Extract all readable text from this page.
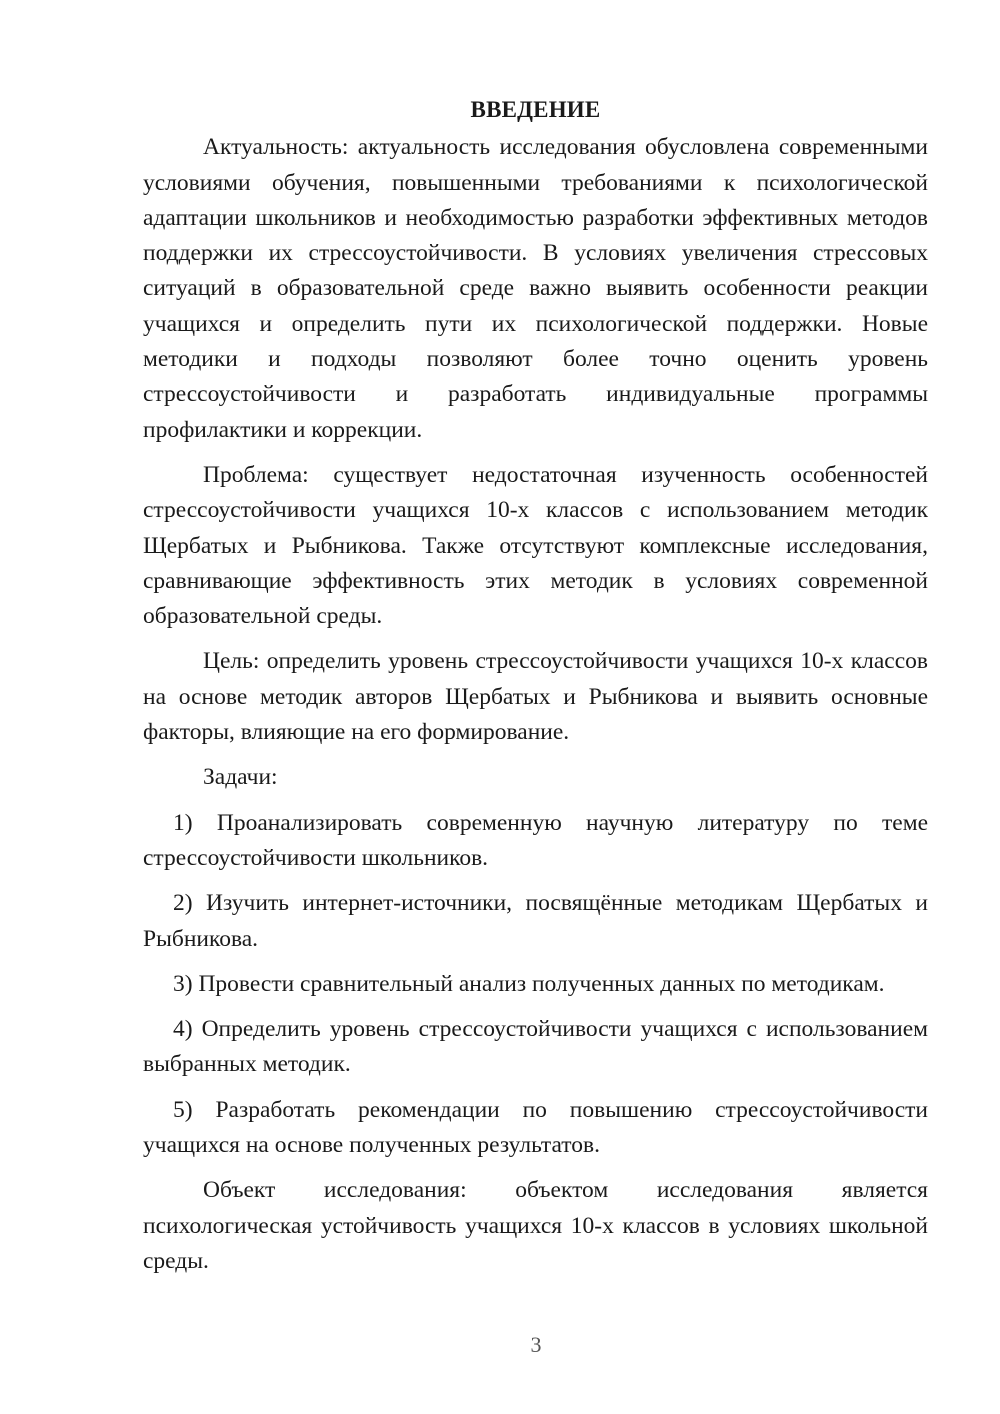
ВВЕДЕНИЕ

Актуальность: актуальность исследования обусловлена современными условиями обучения, повышенными требованиями к психологической адаптации школьников и необходимостью разработки эффективных методов поддержки их стрессоустойчивости. В условиях увеличения стрессовых ситуаций в образовательной среде важно выявить особенности реакции учащихся и определить пути их психологической поддержки. Новые методики и подходы позволяют более точно оценить уровень стрессоустойчивости и разработать индивидуальные программы профилактики и коррекции.

Проблема: существует недостаточная изученность особенностей стрессоустойчивости учащихся 10-х классов с использованием методик Щербатых и Рыбникова. Также отсутствуют комплексные исследования, сравнивающие эффективность этих методик в условиях современной образовательной среды.

Цель: определить уровень стрессоустойчивости учащихся 10-х классов на основе методик авторов Щербатых и Рыбникова и выявить основные факторы, влияющие на его формирование.

Задачи:

1) Проанализировать современную научную литературу по теме стрессоустойчивости школьников.

2) Изучить интернет-источники, посвящённые методикам Щербатых и Рыбникова.

3) Провести сравнительный анализ полученных данных по методикам.

4) Определить уровень стрессоустойчивости учащихся с использованием выбранных методик.

5) Разработать рекомендации по повышению стрессоустойчивости учащихся на основе полученных результатов.

Объект исследования: объектом исследования является психологическая устойчивость учащихся 10-х классов в условиях школьной среды.

3
